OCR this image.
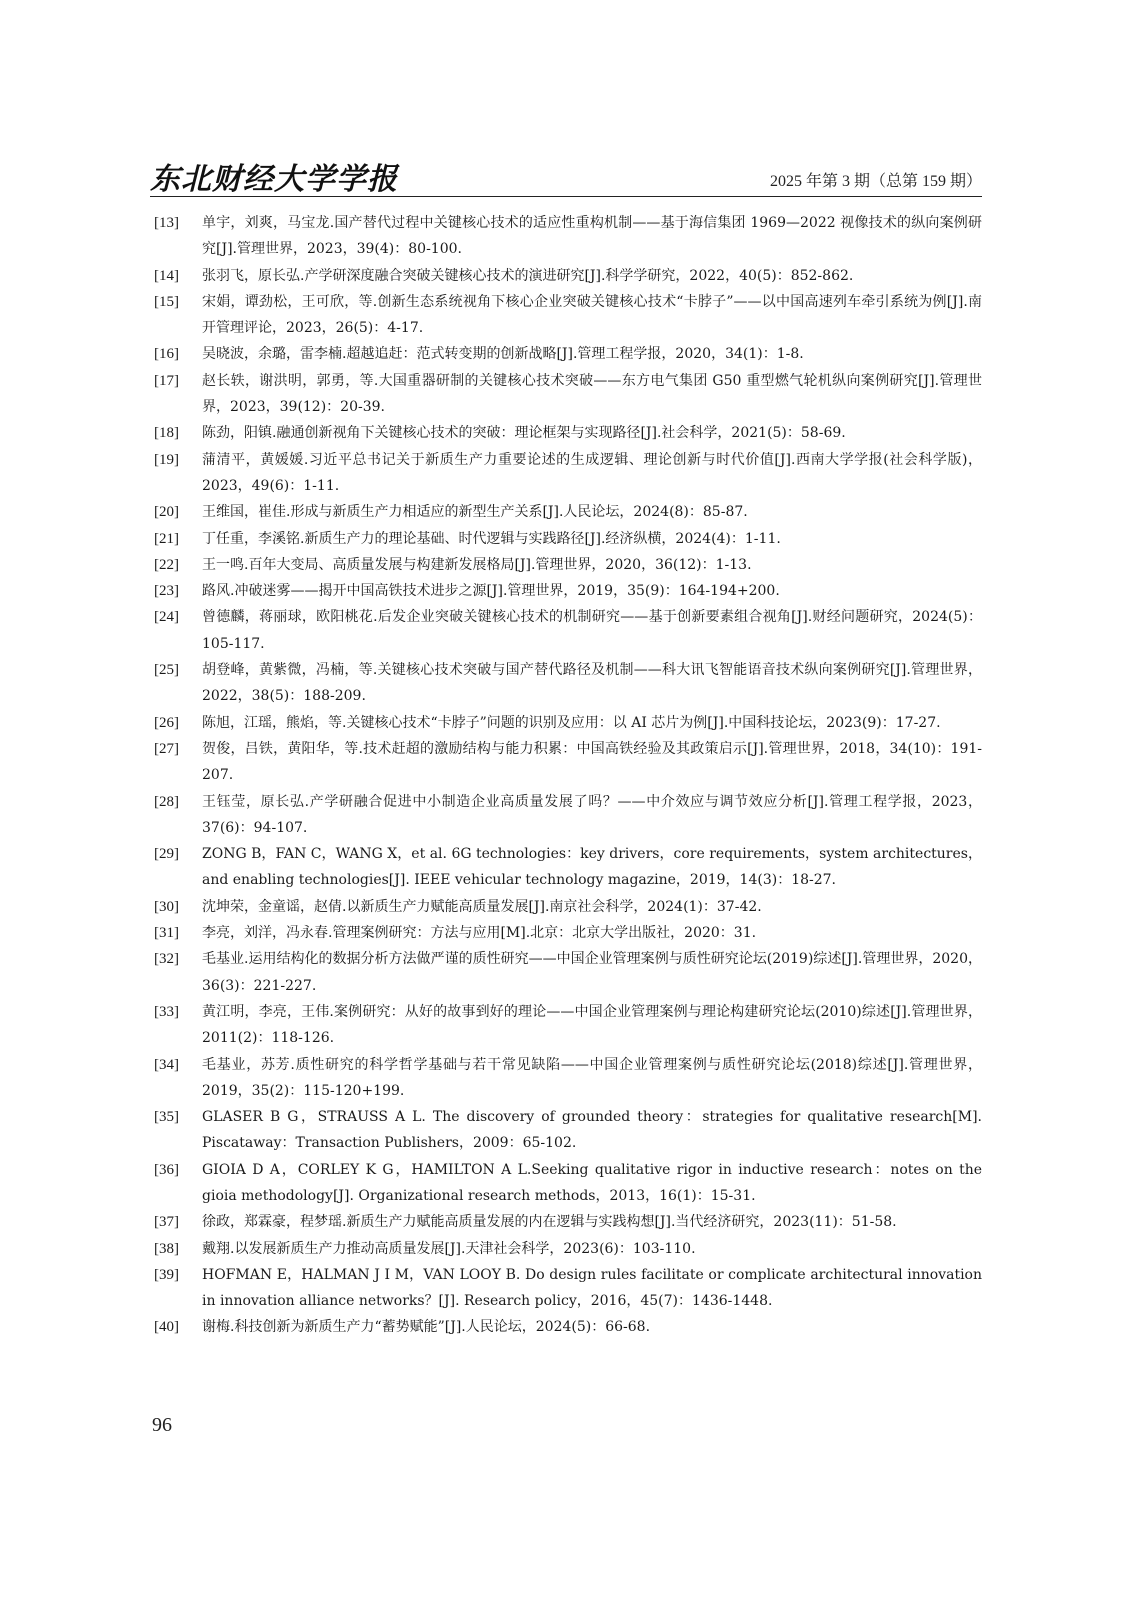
东北财经大学学报	2025 年第 3 期（总第 159 期）
[13] 单宇，刘爽，马宝龙.国产替代过程中关键核心技术的适应性重构机制——基于海信集团 1969—2022 视像技术的纵向案例研究[J].管理世界，2023，39(4)：80-100.
[14] 张羽飞，原长弘.产学研深度融合突破关键核心技术的演进研究[J].科学学研究，2022，40(5)：852-862.
[15] 宋娟，谭劲松，王可欣，等.创新生态系统视角下核心企业突破关键核心技术“卡脖子”——以中国高速列车牵引系统为例[J].南开管理评论，2023，26(5)：4-17.
[16] 吴晓波，余璐，雷李楠.超越追赶：范式转变期的创新战略[J].管理工程学报，2020，34(1)：1-8.
[17] 赵长轶，谢洪明，郭勇，等.大国重器研制的关键核心技术突破——东方电气集团 G50 重型燃气轮机纵向案例研究[J].管理世界，2023，39(12)：20-39.
[18] 陈劲，阳镇.融通创新视角下关键核心技术的突破：理论框架与实现路径[J].社会科学，2021(5)：58-69.
[19] 蒲清平，黄媛媛.习近平总书记关于新质生产力重要论述的生成逻辑、理论创新与时代价值[J].西南大学学报(社会科学版)，2023，49(6)：1-11.
[20] 王维国，崔佳.形成与新质生产力相适应的新型生产关系[J].人民论坛，2024(8)：85-87.
[21] 丁任重，李溪铭.新质生产力的理论基础、时代逻辑与实践路径[J].经济纵横，2024(4)：1-11.
[22] 王一鸣.百年大变局、高质量发展与构建新发展格局[J].管理世界，2020，36(12)：1-13.
[23] 路风.冲破迷雾——揭开中国高铁技术进步之源[J].管理世界，2019，35(9)：164-194+200.
[24] 曾德麟，蒋丽球，欧阳桃花.后发企业突破关键核心技术的机制研究——基于创新要素组合视角[J].财经问题研究，2024(5)：105-117.
[25] 胡登峰，黄紫微，冯楠，等.关键核心技术突破与国产替代路径及机制——科大讯飞智能语音技术纵向案例研究[J].管理世界，2022，38(5)：188-209.
[26] 陈旭，江瑶，熊焰，等.关键核心技术“卡脖子”问题的识别及应用：以 AI 芯片为例[J].中国科技论坛，2023(9)：17-27.
[27] 贺俊，吕铁，黄阳华，等.技术赶超的激励结构与能力积累：中国高铁经验及其政策启示[J].管理世界，2018，34(10)：191-207.
[28] 王钰莹，原长弘.产学研融合促进中小制造企业高质量发展了吗？——中介效应与调节效应分析[J].管理工程学报，2023，37(6)：94-107.
[29] ZONG B，FAN C，WANG X，et al. 6G technologies：key drivers，core requirements，system architectures，and enabling technologies[J]. IEEE vehicular technology magazine，2019，14(3)：18-27.
[30] 沈坤荣，金童谣，赵倩.以新质生产力赋能高质量发展[J].南京社会科学，2024(1)：37-42.
[31] 李亮，刘洋，冯永春.管理案例研究：方法与应用[M].北京：北京大学出版社，2020：31.
[32] 毛基业.运用结构化的数据分析方法做严谨的质性研究——中国企业管理案例与质性研究论坛(2019)综述[J].管理世界，2020，36(3)：221-227.
[33] 黄江明，李亮，王伟.案例研究：从好的故事到好的理论——中国企业管理案例与理论构建研究论坛(2010)综述[J].管理世界，2011(2)：118-126.
[34] 毛基业，苏芳.质性研究的科学哲学基础与若干常见缺陷——中国企业管理案例与质性研究论坛(2018)综述[J].管理世界，2019，35(2)：115-120+199.
[35] GLASER B G，STRAUSS A L. The discovery of grounded theory：strategies for qualitative research[M]. Piscataway：Transaction Publishers，2009：65-102.
[36] GIOIA D A，CORLEY K G，HAMILTON A L.Seeking qualitative rigor in inductive research：notes on the gioia methodology[J]. Organizational research methods，2013，16(1)：15-31.
[37] 徐政，郑霖豪，程梦瑶.新质生产力赋能高质量发展的内在逻辑与实践构想[J].当代经济研究，2023(11)：51-58.
[38] 戴翔.以发展新质生产力推动高质量发展[J].天津社会科学，2023(6)：103-110.
[39] HOFMAN E，HALMAN J I M，VAN LOOY B. Do design rules facilitate or complicate architectural innovation in innovation alliance networks？[J]. Research policy，2016，45(7)：1436-1448.
[40] 谢梅.科技创新为新质生产力“蓄势赋能”[J].人民论坛，2024(5)：66-68.
96
